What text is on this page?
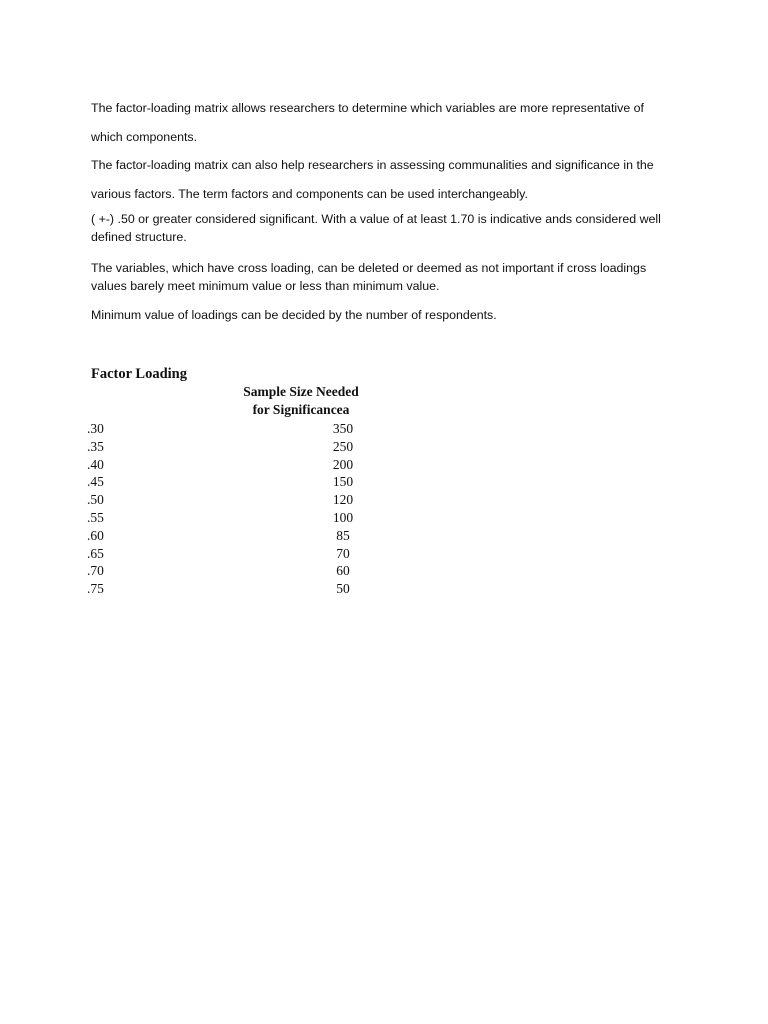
The factor-loading matrix allows researchers to determine which variables are more representative of
which components.

The factor-loading matrix can also help researchers in assessing communalities and significance in the
various factors. The term factors and components can be used interchangeably.

( +-) .50 or greater considered significant. With a value of at least 1.70 is indicative ands considered well
defined structure.

The variables, which have cross loading, can be deleted or deemed as not important if cross loadings
values barely meet minimum value or less than minimum value.

Minimum value of loadings can be decided by the number of respondents.

Factor Loading
Sample Size Needed
for Significancea
.30	350
.35	250
.40	200
.45	150
.50	120
.55	100
.60	85
.65	70
.70	60
.75	50
